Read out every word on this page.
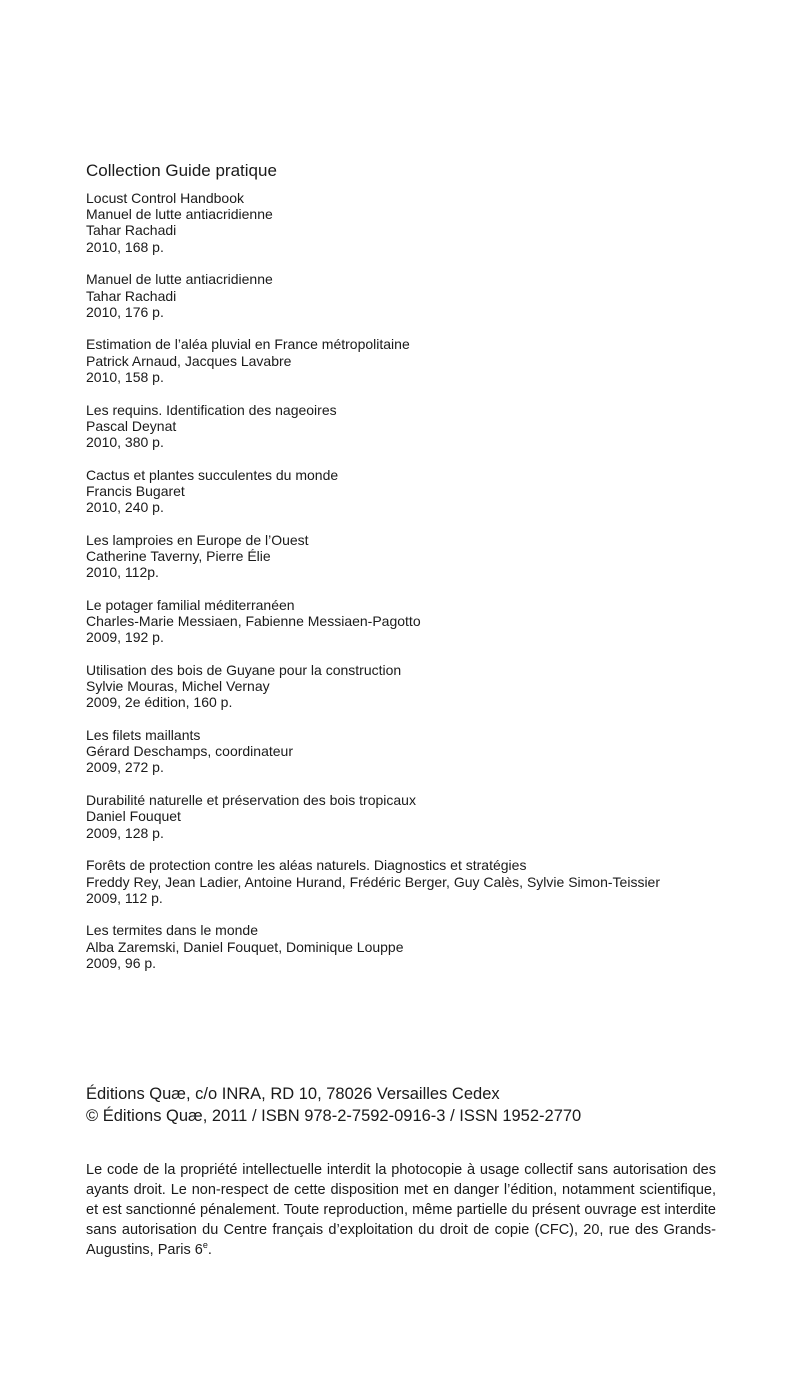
Collection Guide pratique
Locust Control Handbook
Manuel de lutte antiacridienne
Tahar Rachadi
2010, 168 p.
Manuel de lutte antiacridienne
Tahar Rachadi
2010, 176 p.
Estimation de l’aléa pluvial en France métropolitaine
Patrick Arnaud, Jacques Lavabre
2010, 158 p.
Les requins. Identification des nageoires
Pascal Deynat
2010, 380 p.
Cactus et plantes succulentes du monde
Francis Bugaret
2010, 240 p.
Les lamproies en Europe de l’Ouest
Catherine Taverny, Pierre Élie
2010, 112p.
Le potager familial méditerranéen
Charles-Marie Messiaen, Fabienne Messiaen-Pagotto
2009, 192 p.
Utilisation des bois de Guyane pour la construction
Sylvie Mouras, Michel Vernay
2009, 2e édition, 160 p.
Les filets maillants
Gérard Deschamps, coordinateur
2009, 272 p.
Durabilité naturelle et préservation des bois tropicaux
Daniel Fouquet
2009, 128 p.
Forêts de protection contre les aléas naturels. Diagnostics et stratégies
Freddy Rey, Jean Ladier, Antoine Hurand, Frédéric Berger, Guy Calès, Sylvie Simon-Teissier
2009, 112 p.
Les termites dans le monde
Alba Zaremski, Daniel Fouquet, Dominique Louppe
2009, 96 p.
Éditions Quæ, c/o INRA, RD 10, 78026 Versailles Cedex
© Éditions Quæ, 2011 / ISBN 978-2-7592-0916-3 / ISSN 1952-2770

Le code de la propriété intellectuelle interdit la photocopie à usage collectif sans autorisation des ayants droit. Le non-respect de cette disposition met en danger l’édition, notamment scientifique, et est sanctionné pénalement. Toute reproduction, même partielle du présent ouvrage est interdite sans autorisation du Centre français d’exploitation du droit de copie (CFC), 20, rue des Grands-Augustins, Paris 6e.
